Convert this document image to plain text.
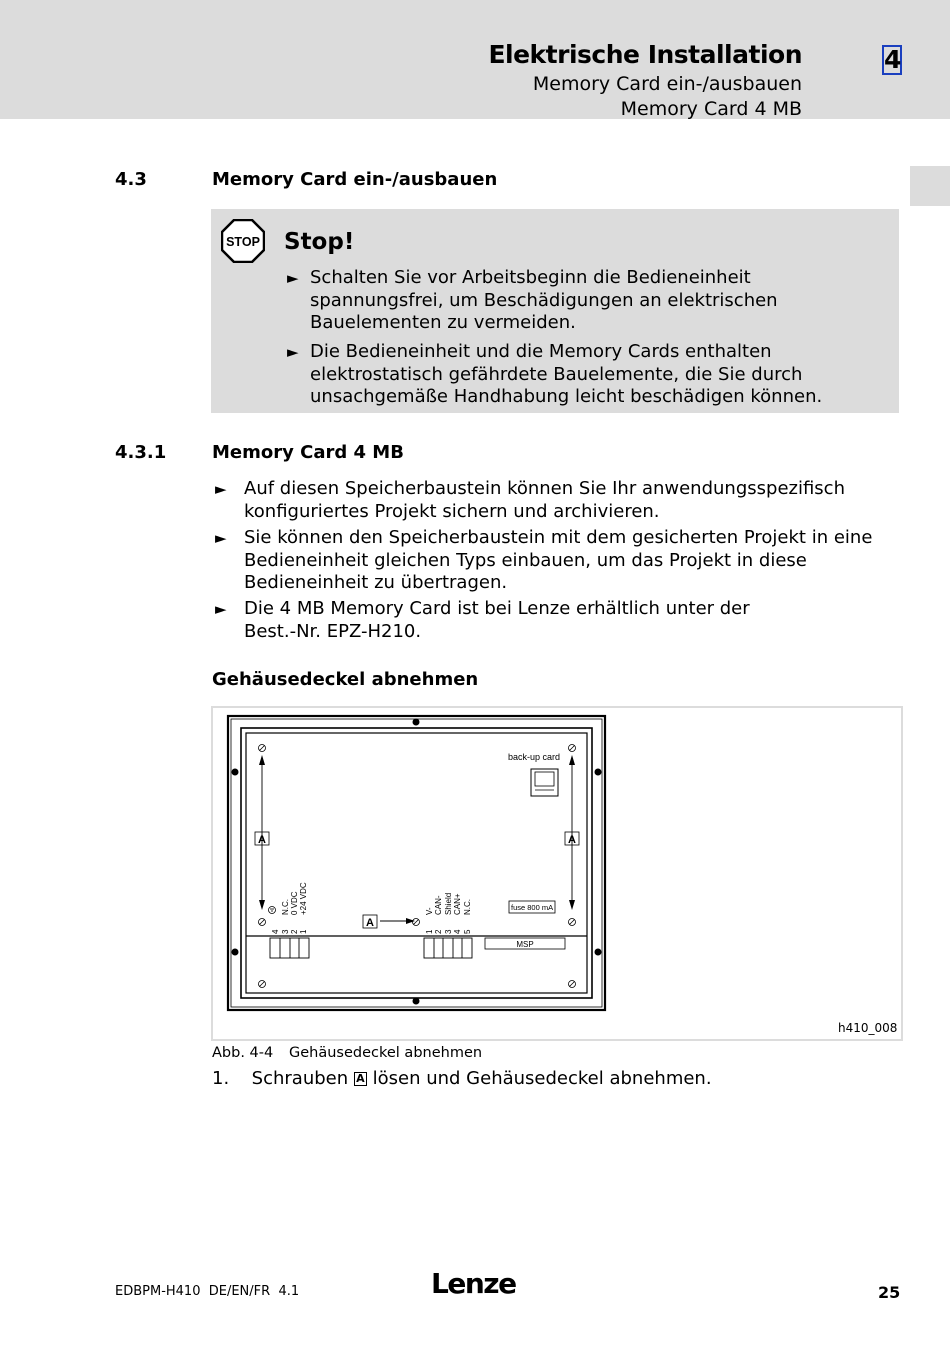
Elektrische Installation
Memory Card ein-/ausbauen
Memory Card 4 MB
4
4.3	Memory Card ein-/ausbauen
STOP Stop!
► Schalten Sie vor Arbeitsbeginn die Bedieneinheit spannungsfrei, um Beschädigungen an elektrischen Bauelementen zu vermeiden.
► Die Bedieneinheit und die Memory Cards enthalten elektrostatisch gefährdete Bauelemente, die Sie durch unsachgemäße Handhabung leicht beschädigen können.
4.3.1	Memory Card 4 MB
► Auf diesen Speicherbaustein können Sie Ihr anwendungsspezifisch konfiguriertes Projekt sichern und archivieren.
► Sie können den Speicherbaustein mit dem gesicherten Projekt in eine Bedieneinheit gleichen Typs einbauen, um das Projekt in diese Bedieneinheit zu übertragen.
► Die 4 MB Memory Card ist bei Lenze erhältlich unter der Best.-Nr. EPZ-H210.
Gehäusedeckel abnehmen
back-up card
fuse 800 mA
MSP
A	A
A
4 3 2 1
N.C. 0 VDC +24 VDC
1 2 3 4 5
V- CAN- Shield CAN+ N.C.
h410_008
Abb. 4-4 Gehäusedeckel abnehmen
1. Schrauben A lösen und Gehäusedeckel abnehmen.
EDBPM-H410  DE/EN/FR  4.1	Lenze	25
